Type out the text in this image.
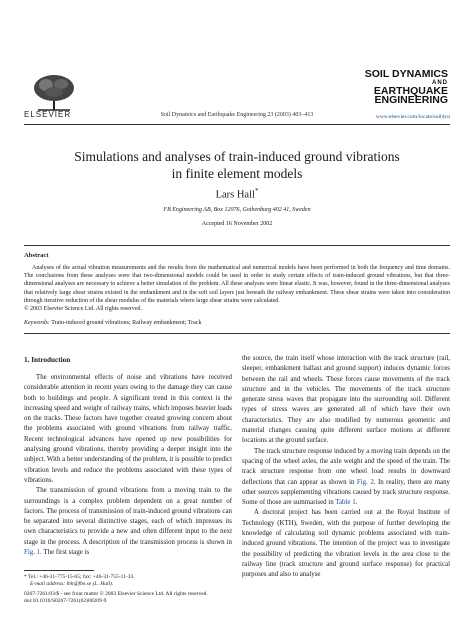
ELSEVIER	Soil Dynamics and Earthquake Engineering 23 (2003) 403–413
SOIL DYNAMICS

AND
EARTHQUAKE
ENGINEERING
www.elsevier.com/locate/soildyn
Simulations and analyses of train-induced ground vibrations
in finite element models
Lars Hall*
FB Engineering AB, Box 12076, Gothenburg 402 41, Sweden
Accepted 16 November 2002
Abstract
Analyses of the actual vibration measurements and the results from the mathematical and numerical models have been performed in both the frequency and time domains. The conclusions from these analyses were that two-dimensional models could be used in order to study certain effects of train-induced ground vibrations, but that three-dimensional analyses are necessary to achieve a better simulation of the problem. All these analyses were linear elastic. It was, however, found in the three-dimensional analyses that relatively large shear strains existed in the embankment and in the soft soil layers just beneath the railway embankment. These shear strains were taken into consideration through iterative reduction of the shear modulus of the materials where large shear strains were calculated.
© 2003 Elsevier Science Ltd. All rights reserved.
Keywords: Train-induced ground vibrations; Railway embankment; Track
1. Introduction

The environmental effects of noise and vibrations have received considerable attention in recent years owing to the damage they can cause both to buildings and people. A significant trend in this context is the increasing speed and weight of railway trains, which imposes heavier loads on the tracks. These factors have together created growing concern about the problems associated with ground vibrations from railway traffic. Recent technological advances have opened up new possibilities for analysing ground vibrations, thereby providing a deeper insight into the subject. With a better understanding of the problem, it is possible to predict vibration levels and reduce the problems associated with these types of vibrations.

The transmission of ground vibrations from a moving train to the surroundings is a complex problem dependent on a great number of factors. The process of transmission of train-induced ground vibrations can be separated into several distinctive stages, each of which impresses its own characteristics to provide a new and often different input to the next stage in the process. A description of the transmission process is shown in Fig. 1. The first stage is

the source, the train itself whose interaction with the track structure (rail, sleeper, embankment ballast and ground support) induces dynamic forces between the rail and wheels. These forces cause movements of the track structure and in the vehicles. The movements of the track structure generate stress waves that propagate into the surrounding soil. Different types of stress waves are generated all of which have their own characteristics. They are also modified by numerous geometric and material changes causing quite different surface motions at different locations at the ground surface.

The track structure response induced by a moving train depends on the spacing of the wheel axles, the axle weight and the speed of the train. The track structure response from one wheel load results in downward deflections that can appear as shown in Fig. 2. In reality, there are many other sources supplementing vibrations caused by track structure response. Some of those are summarised in Table 1.

A doctoral project has been carried out at the Royal Institute of Technology (KTH), Sweden, with the purpose of further developing the knowledge of calculating soil dynamic problems associated with train-induced ground vibrations. The intention of the project was to investigate the possibility of predicting the vibration levels in the area close to the railway line (track structure and ground surface response) for practical purposes and also to analyse

* Tel.: +46-31-775-15-65; fax: +46-31-755-11-33.
E-mail address: lbh@fbe.se (L. Hall).
0267-7261/03/$ - see front matter © 2003 Elsevier Science Ltd. All rights reserved.
doi:10.1016/S0267-7261(02)00209-9
